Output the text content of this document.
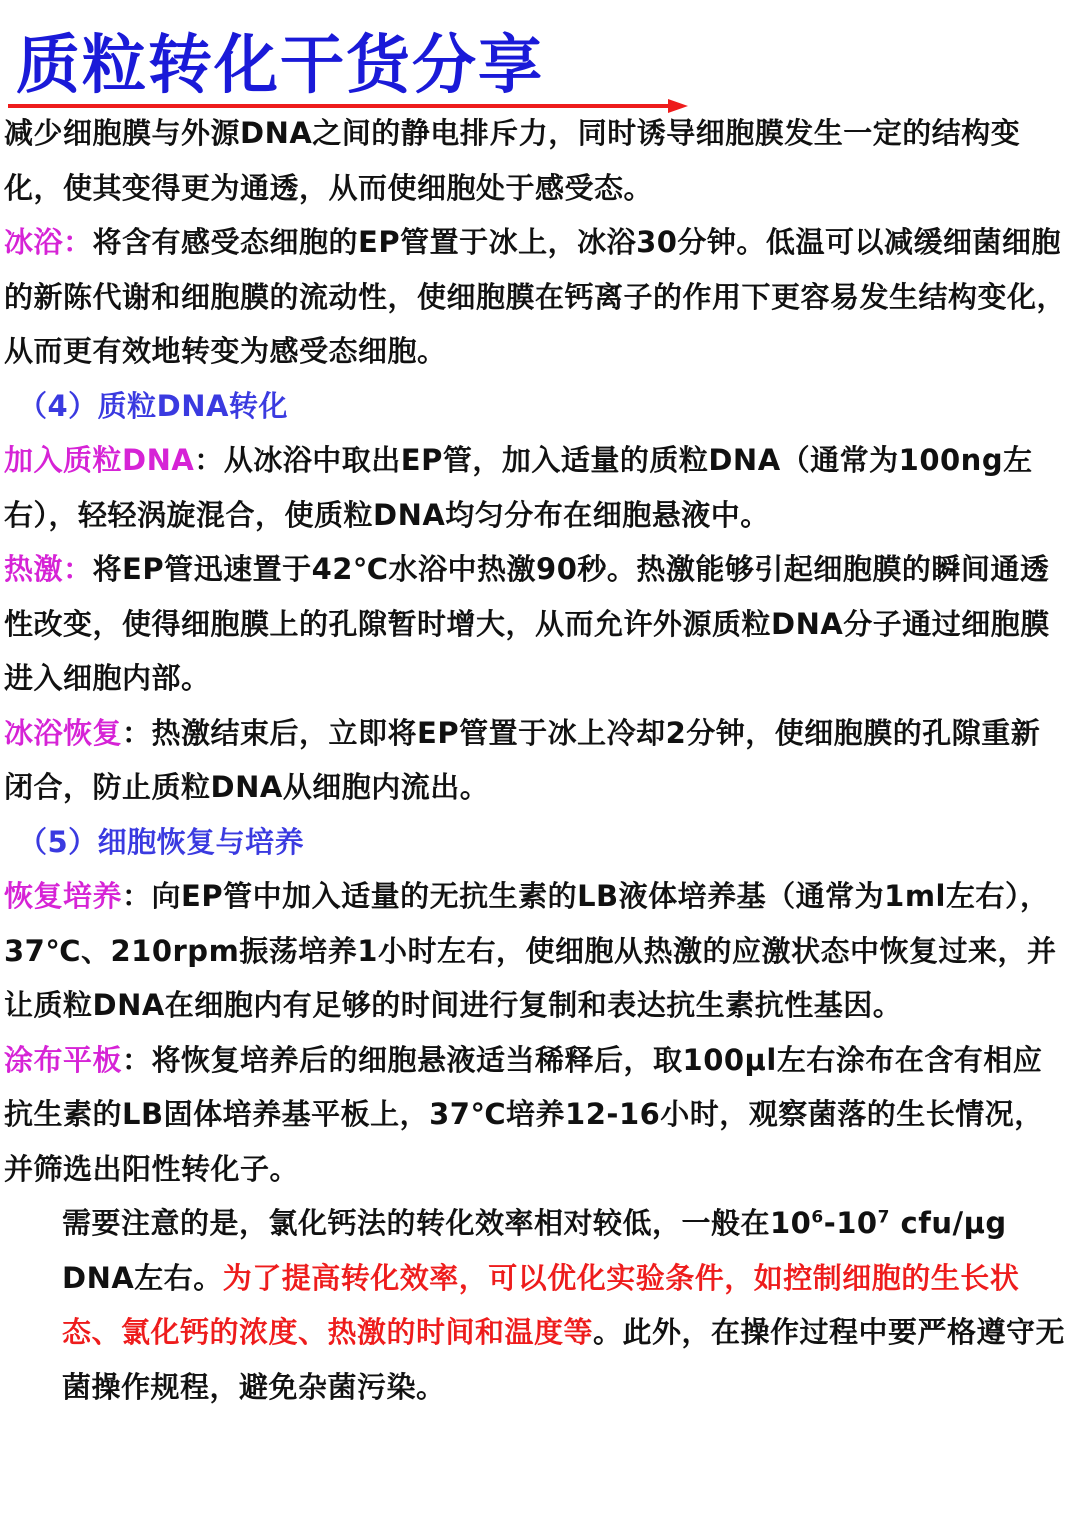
质粒转化干货分享

减少细胞膜与外源DNA之间的静电排斥力，同时诱导细胞膜发生一定的结构变化，使其变得更为通透，从而使细胞处于感受态。

冰浴：将含有感受态细胞的EP管置于冰上，冰浴30分钟。低温可以减缓细菌细胞的新陈代谢和细胞膜的流动性，使细胞膜在钙离子的作用下更容易发生结构变化，从而更有效地转变为感受态细胞。

（4）质粒DNA转化

加入质粒DNA：从冰浴中取出EP管，加入适量的质粒DNA（通常为100ng左右），轻轻涡旋混合，使质粒DNA均匀分布在细胞悬液中。

热激：将EP管迅速置于42℃水浴中热激90秒。热激能够引起细胞膜的瞬间通透性改变，使得细胞膜上的孔隙暂时增大，从而允许外源质粒DNA分子通过细胞膜进入细胞内部。

冰浴恢复：热激结束后，立即将EP管置于冰上冷却2分钟，使细胞膜的孔隙重新闭合，防止质粒DNA从细胞内流出。

（5）细胞恢复与培养

恢复培养：向EP管中加入适量的无抗生素的LB液体培养基（通常为1ml左右），37℃、210rpm振荡培养1小时左右，使细胞从热激的应激状态中恢复过来，并让质粒DNA在细胞内有足够的时间进行复制和表达抗生素抗性基因。

涂布平板：将恢复培养后的细胞悬液适当稀释后，取100μl左右涂布在含有相应抗生素的LB固体培养基平板上，37℃培养12-16小时，观察菌落的生长情况，并筛选出阳性转化子。

需要注意的是，氯化钙法的转化效率相对较低，一般在$10^6-10^7$ cfu/μg DNA左右。为了提高转化效率，可以优化实验条件，如控制细胞的生长状态、氯化钙的浓度、热激的时间和温度等。此外，在操作过程中要严格遵守无菌操作规程，避免杂菌污染。
